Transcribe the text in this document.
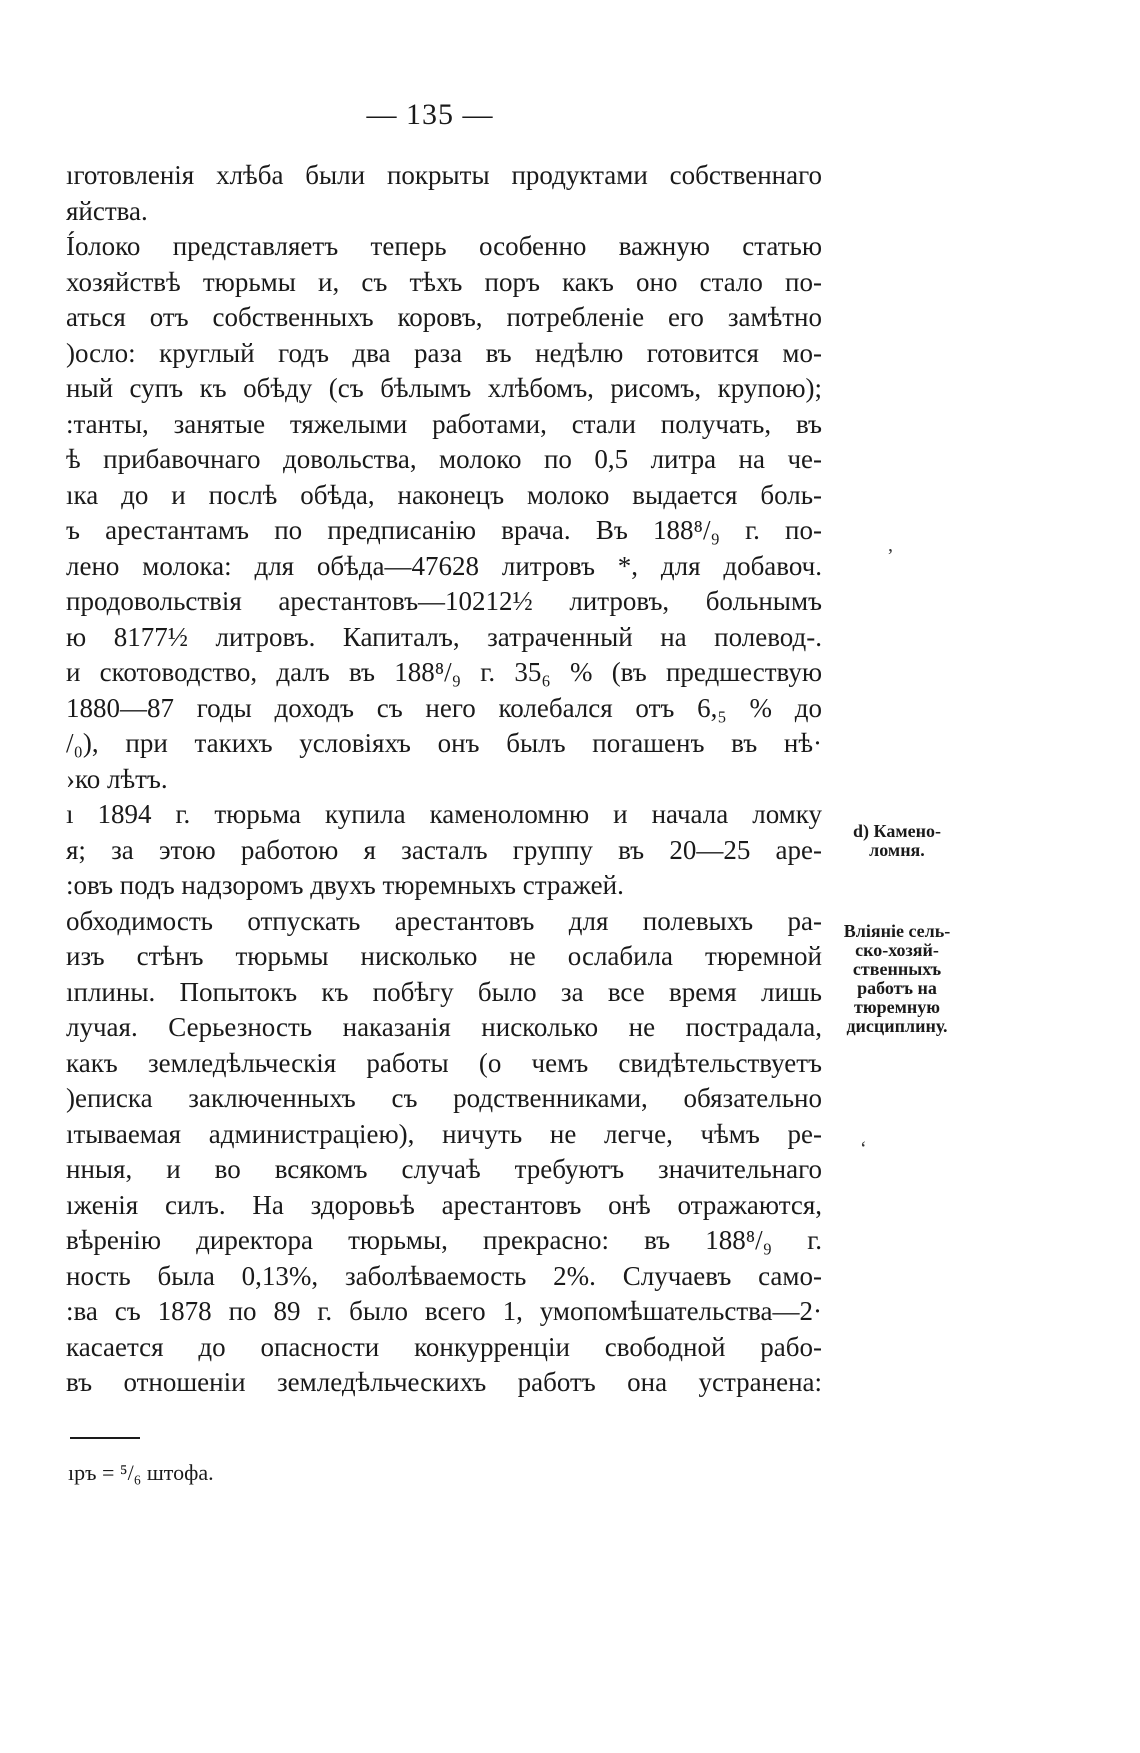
— 135 —
ıготовленія хлѣба были покрыты продуктами собственнаго
яйства.
Íолоко представляетъ теперь особенно важную статью
хозяйствѣ тюрьмы и, съ тѣхъ поръ какъ оно стало по-
аться отъ собственныхъ коровъ, потребленіе его замѣтно
)осло: круглый годъ два раза въ недѣлю готовится мо-
ный супъ къ обѣду (съ бѣлымъ хлѣбомъ, рисомъ, крупою);
:танты, занятые тяжелыми работами, стали получать, въ
ѣ прибавочнаго довольства, молоко по 0,5 литра на че-
ıка до и послѣ обѣда, наконецъ молоко выдается боль-
ъ арестантамъ по предписанію врача. Въ 188⁸/₉ г. по-
лено молока: для обѣда—47628 литровъ *, для добавоч.
продовольствія арестантовъ—10212½ литровъ, больнымъ
ю 8177½ литровъ. Капиталъ, затраченный на полевод-.
и скотоводство, далъ въ 188⁸/₉ г. 35₆ % (въ предшествую
1880—87 годы доходъ съ него колебался отъ 6,₅ % до
/₀), при такихъ условіяхъ онъ былъ погашенъ въ нѣ·
›ко лѣтъ.
ı 1894 г. тюрьма купила каменоломню и начала ломку
я; за этою работою я засталъ группу въ 20—25 аре-
:овъ подъ надзоромъ двухъ тюремныхъ стражей.
обходимость отпускать арестантовъ для полевыхъ ра-
изъ стѣнъ тюрьмы нисколько не ослабила тюремной
ıплины. Попытокъ къ побѣгу было за все время лишь
лучая. Серьезность наказанія нисколько не пострадала,
какъ земледѣльческія работы (о чемъ свидѣтельствуетъ
)еписка заключенныхъ съ родственниками, обязательно
ıтываемая администраціею), ничуть не легче, чѣмъ ре-
нныя, и во всякомъ случаѣ требуютъ значительнаго
ıженія силъ. На здоровьѣ арестантовъ онѣ отражаются,
вѣренію директора тюрьмы, прекрасно: въ 188⁸/₉ г.
ность была 0,13%, заболѣваемость 2%. Случаевъ само-
:ва съ 1878 по 89 г. было всего 1, умопомѣшательства—2·
касается до опасности конкурренціи свободной рабо-
въ отношеніи земледѣльческихъ работъ она устранена:
d) Камено-ломня.
Вліяніе сель-ско-хозяй-ственныхъ работъ на тюремную дисциплину.
,
‘
ıръ = ⁵/₆ штофа.
